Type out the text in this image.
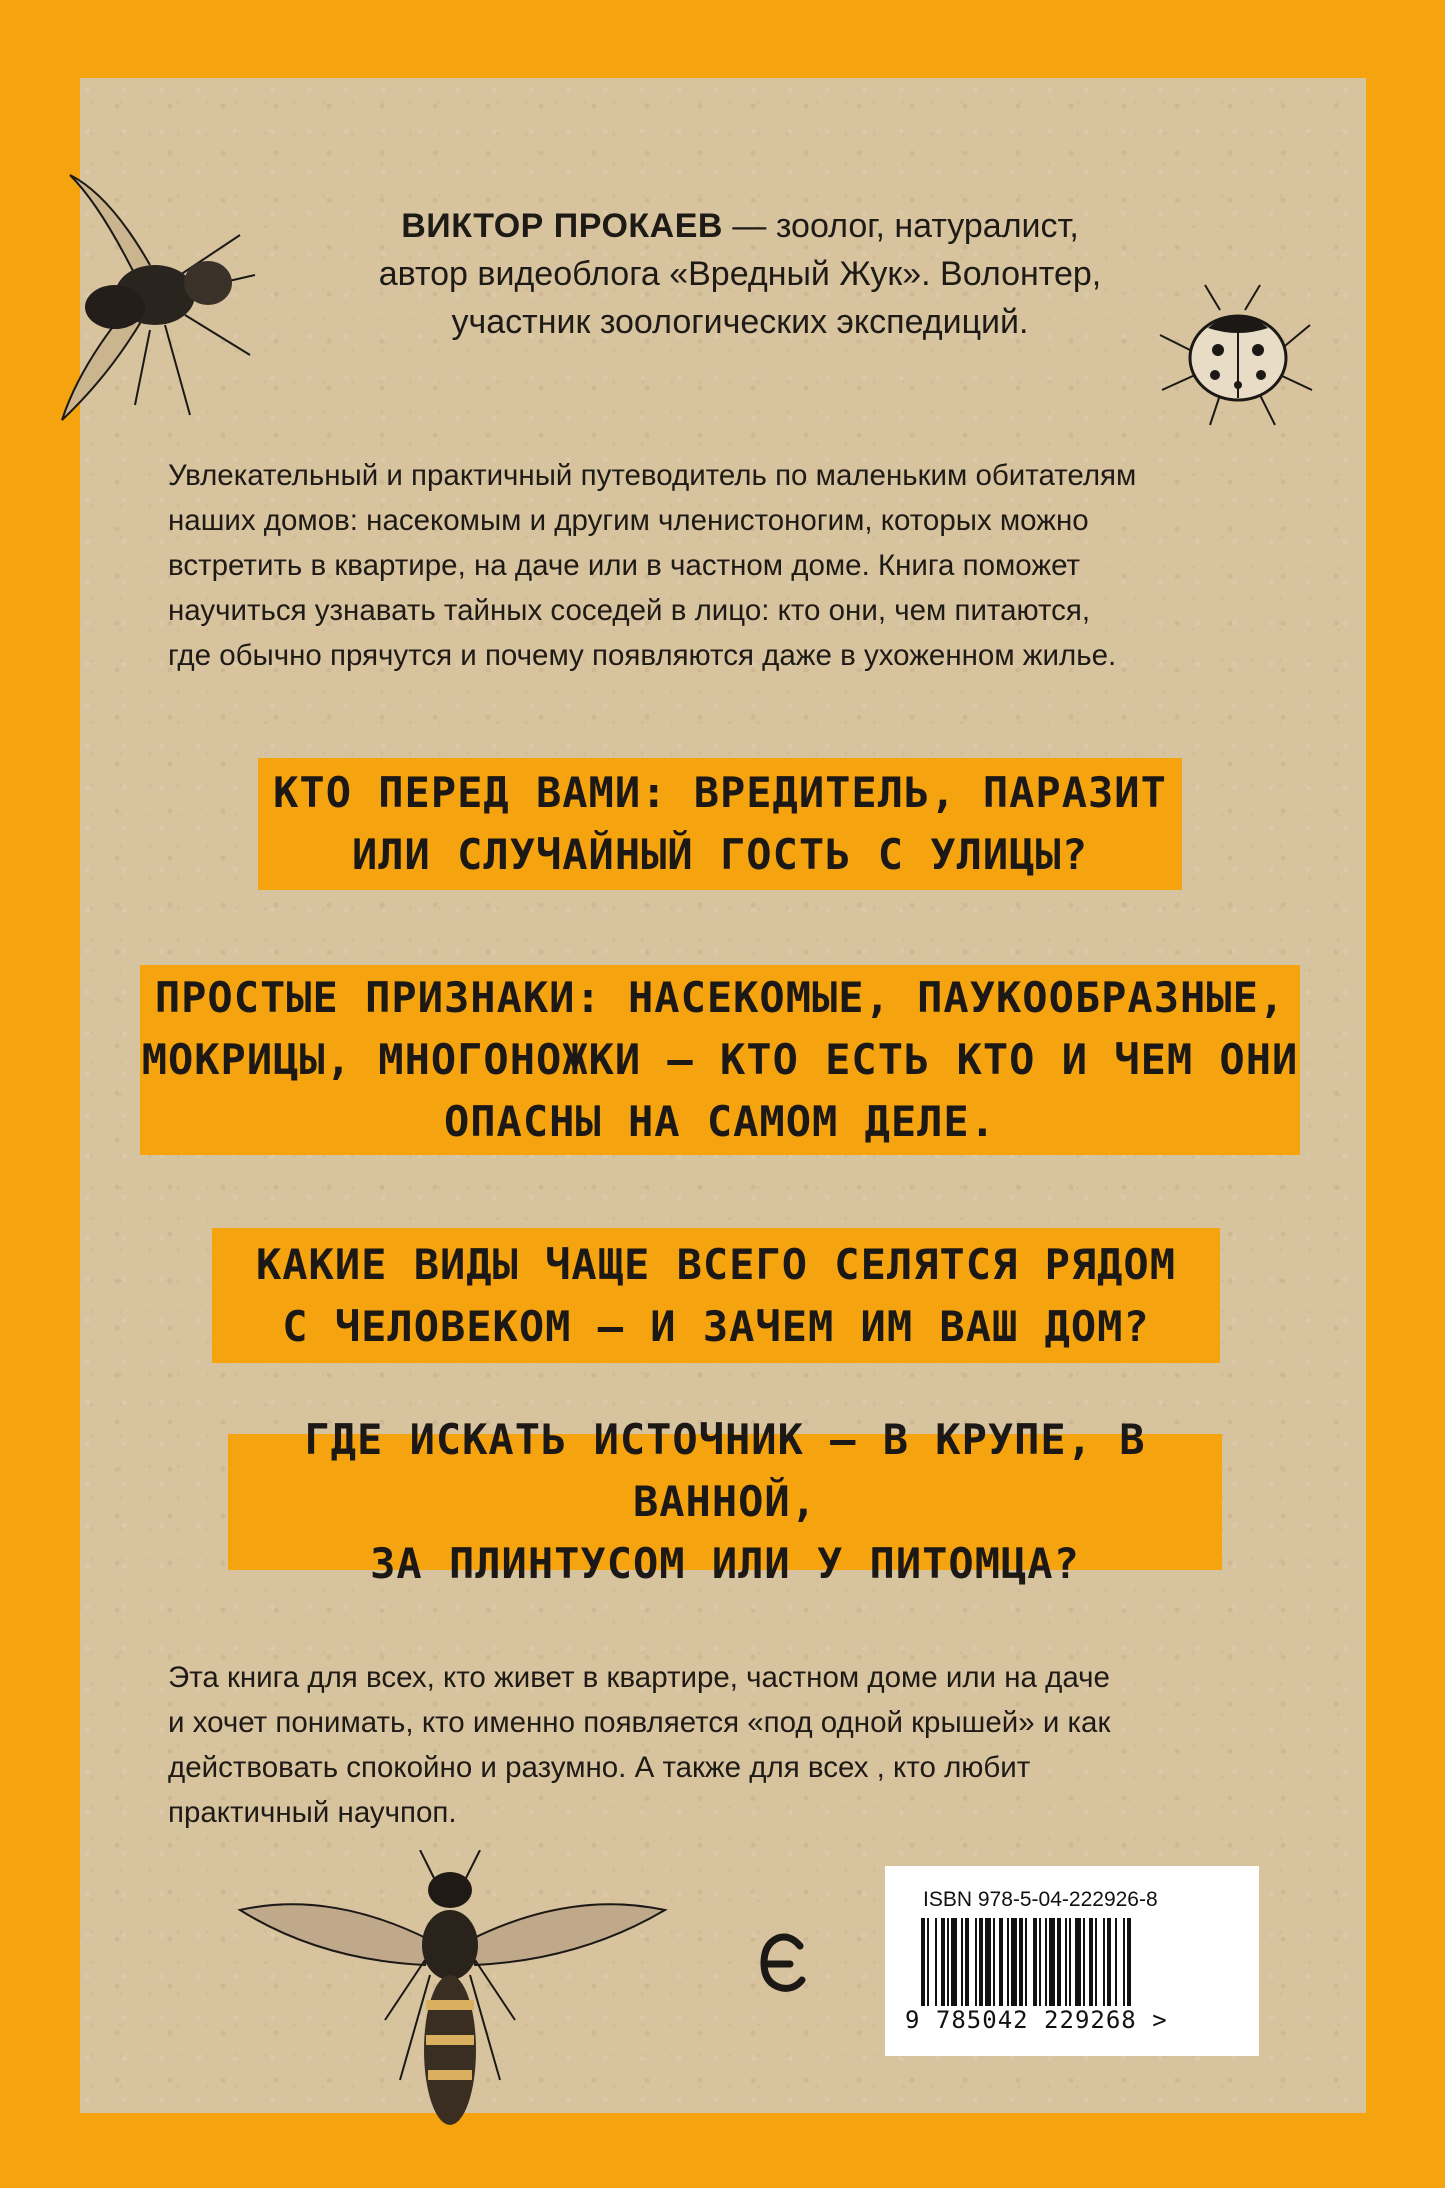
ВИКТОР ПРОКАЕВ — зоолог, натуралист,
автор видеоблога «Вредный Жук». Волонтер,
участник зоологических экспедиций.
Увлекательный и практичный путеводитель по маленьким обитателям
наших домов: насекомым и другим членистоногим, которых можно
встретить в квартире, на даче или в частном доме. Книга поможет
научиться узнавать тайных соседей в лицо: кто они, чем питаются,
где обычно прячутся и почему появляются даже в ухоженном жилье.
КТО ПЕРЕД ВАМИ: ВРЕДИТЕЛЬ, ПАРАЗИТ
ИЛИ СЛУЧАЙНЫЙ ГОСТЬ С УЛИЦЫ?
ПРОСТЫЕ ПРИЗНАКИ: НАСЕКОМЫЕ, ПАУКООБРАЗНЫЕ,
МОКРИЦЫ, МНОГОНОЖКИ — КТО ЕСТЬ КТО И ЧЕМ ОНИ
ОПАСНЫ НА САМОМ ДЕЛЕ.
КАКИЕ ВИДЫ ЧАЩЕ ВСЕГО СЕЛЯТСЯ РЯДОМ
С ЧЕЛОВЕКОМ — И ЗАЧЕМ ИМ ВАШ ДОМ?
ГДЕ ИСКАТЬ ИСТОЧНИК — В КРУПЕ, В ВАННОЙ,
ЗА ПЛИНТУСОМ ИЛИ У ПИТОМЦА?
Эта книга для всех, кто живет в квартире, частном доме или на даче
и хочет понимать, кто именно появляется «под одной крышей» и как
действовать спокойно и разумно. А также для всех , кто любит
практичный научпоп.
ISBN 978-5-04-222926-8
9 785042 229268 >
